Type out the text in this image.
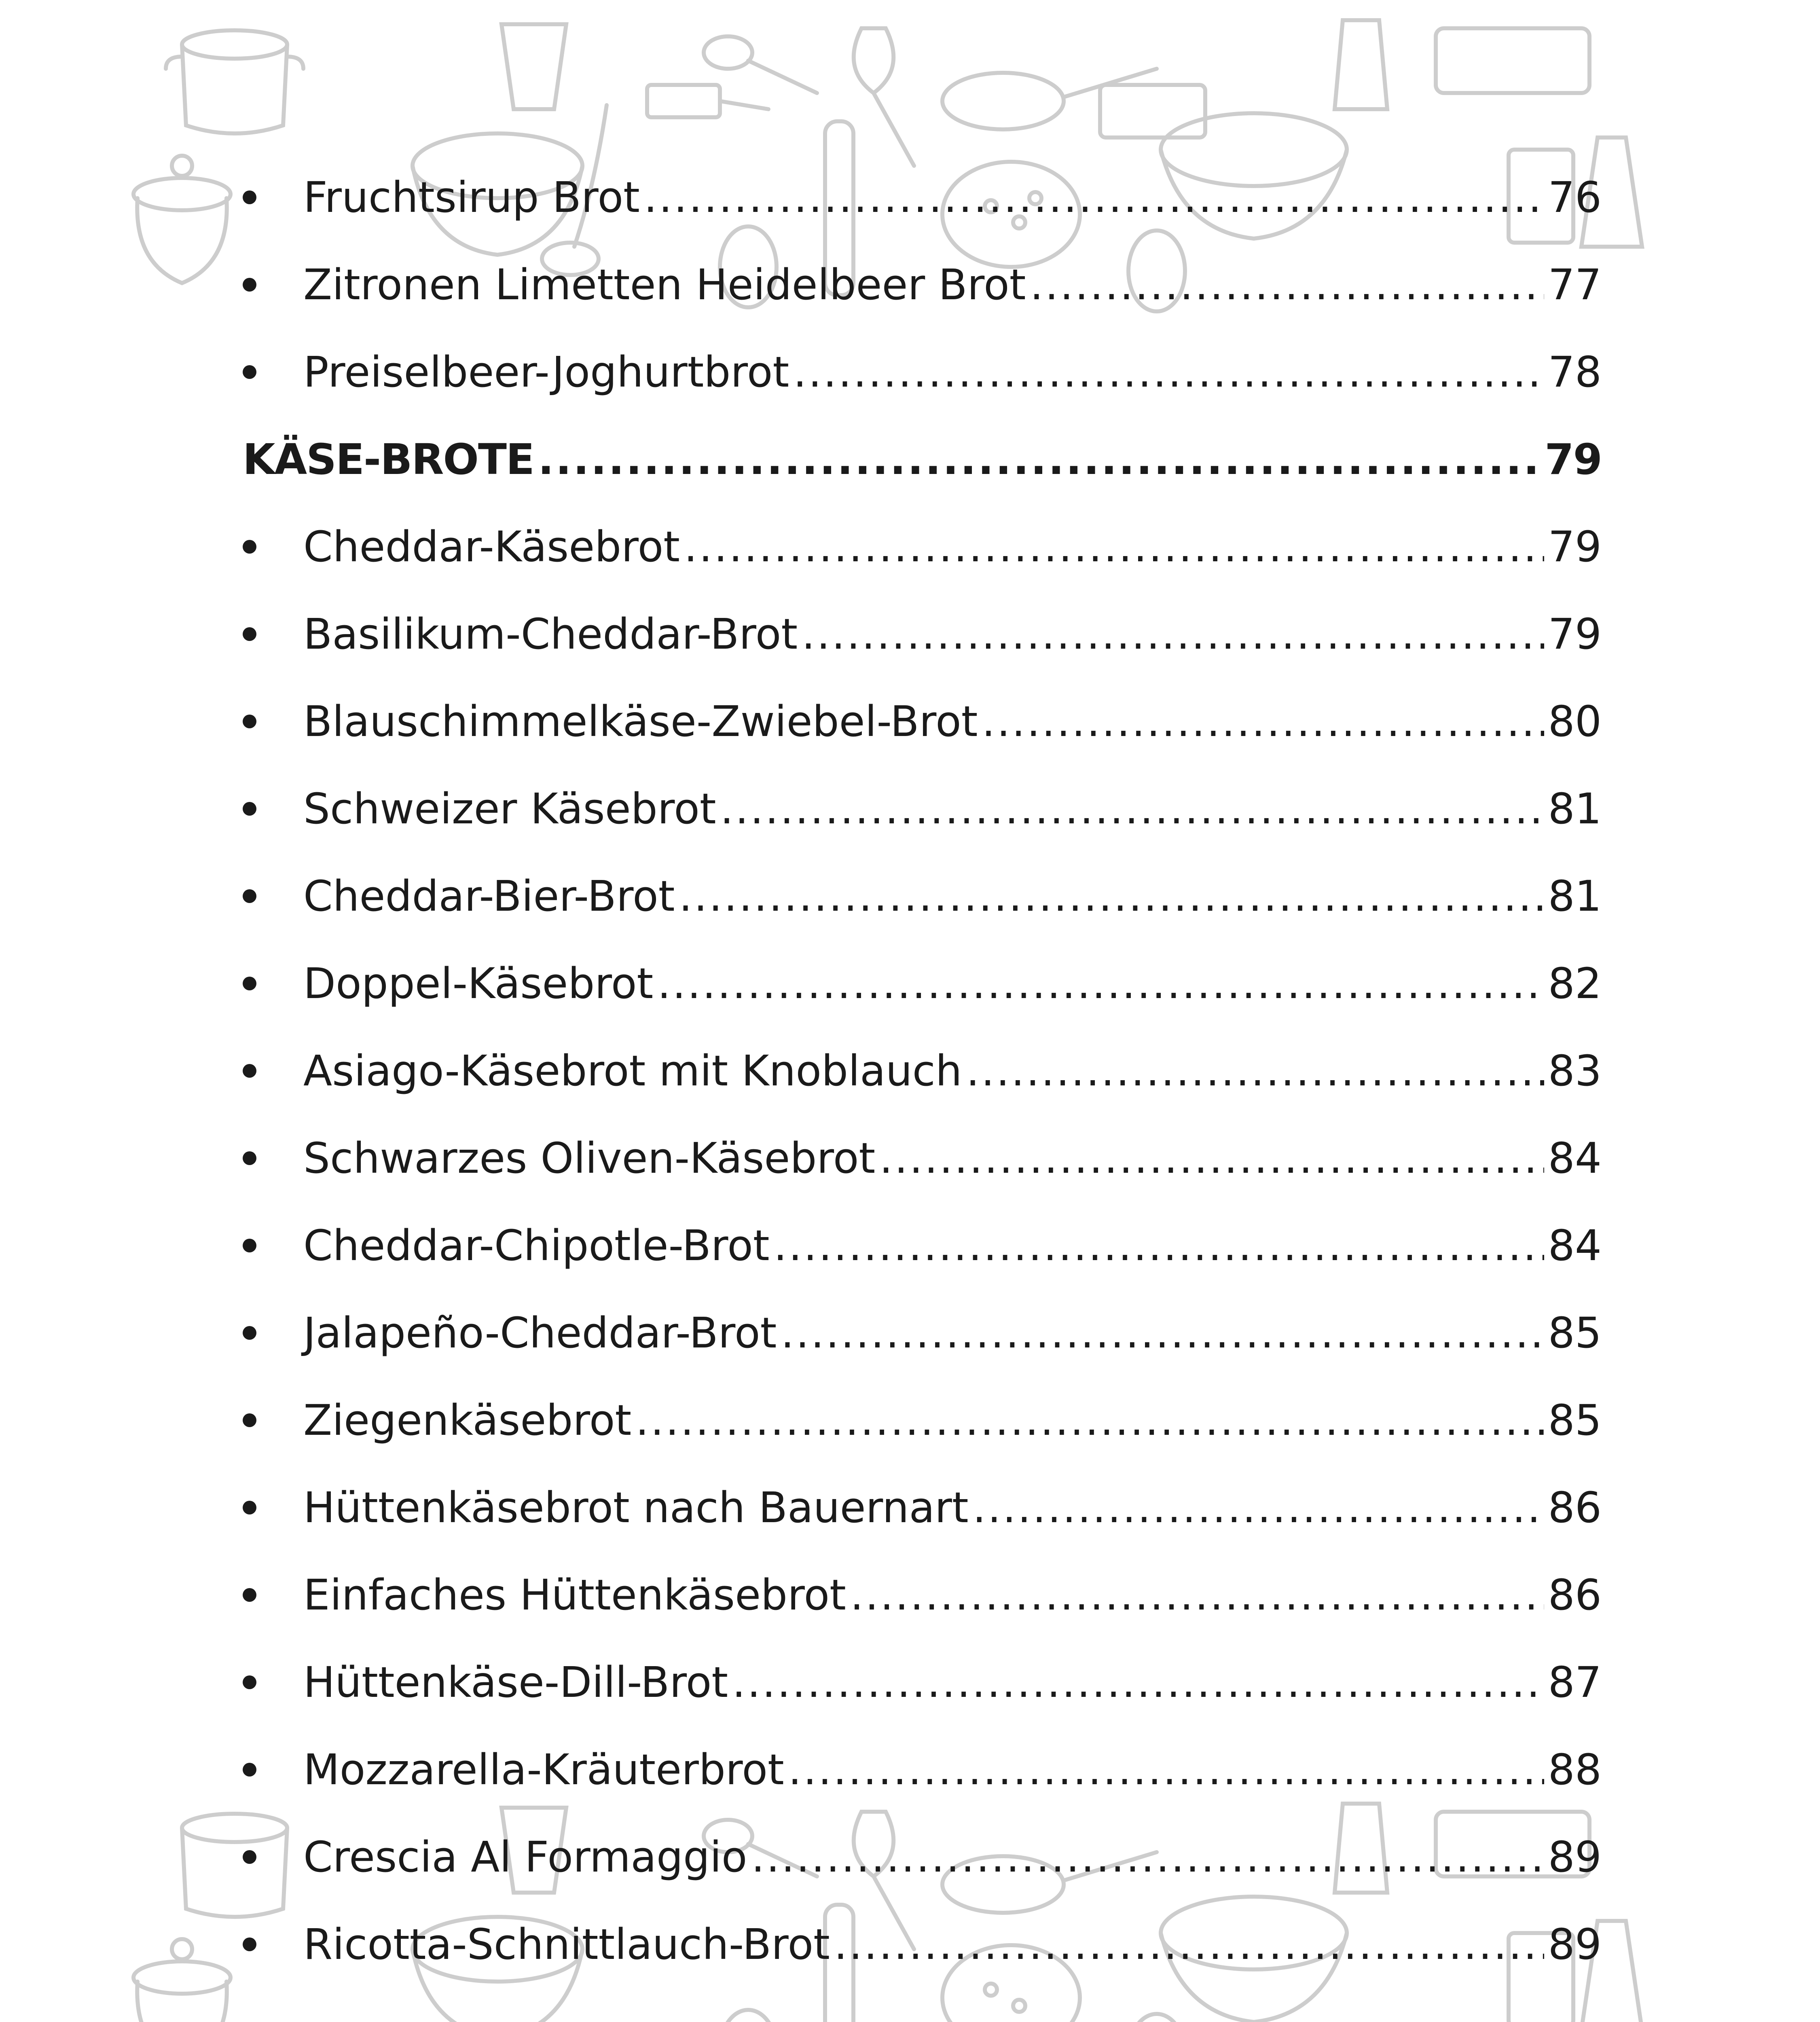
Fruchtsirup Brot .....	76
Zitronen Limetten Heidelbeer Brot .....	77
Preiselbeer-Joghurtbrot .....	78
KÄSE-BROTE .....	79
Cheddar-Käsebrot .....	79
Basilikum-Cheddar-Brot .....	79
Blauschimmelkäse-Zwiebel-Brot .....	80
Schweizer Käsebrot .....	81
Cheddar-Bier-Brot .....	81
Doppel-Käsebrot .....	82
Asiago-Käsebrot mit Knoblauch .....	83
Schwarzes Oliven-Käsebrot .....	84
Cheddar-Chipotle-Brot .....	84
Jalapeño-Cheddar-Brot .....	85
Ziegenkäsebrot .....	85
Hüttenkäsebrot nach Bauernart .....	86
Einfaches Hüttenkäsebrot .....	86
Hüttenkäse-Dill-Brot .....	87
Mozzarella-Kräuterbrot .....	88
Crescia Al Formaggio .....	89
Ricotta-Schnittlauch-Brot .....	89
